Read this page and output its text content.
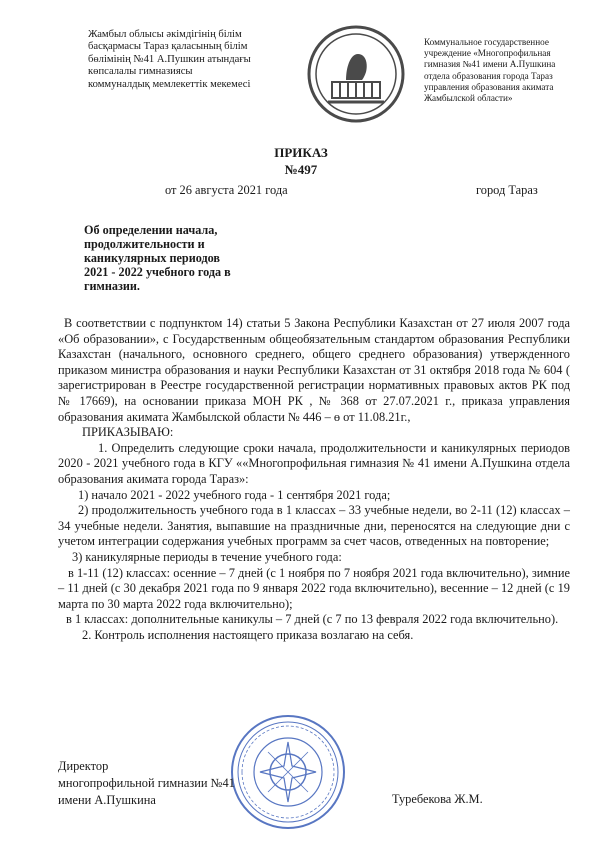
Жамбыл облысы әкімдігінің білім
басқармасы Тараз қаласының білім
бөлімінің №41 А.Пушкин атындағы
көпсалалы гимназиясы
коммуналдық мемлекеттік мекемесі
Коммунальное государственное
учреждение «Многопрофильная
гимназия №41 имени А.Пушкина
отдела образования города Тараз
управления образования акимата
Жамбылской области»
ПРИКАЗ
№497
от 26 августа 2021 года	город Тараз
Об определении начала,
продолжительности и
каникулярных периодов
2021 - 2022 учебного года в
гимназии.

В соответствии с подпунктом 14) статьи 5 Закона Республики Казахстан от 27 июля 2007 года «Об образовании», с Государственным общеобязательным стандартом образования Республики Казахстан (начального, основного среднего, общего среднего образования) утвержденного приказом министра образования и науки Республики Казахстан от 31 октября 2018 года № 604 ( зарегистрирован в Реестре государственной регистрации нормативных правовых актов РК под № 17669), на основании приказа МОН РК , № 368 от 27.07.2021 г., приказа управления образования акимата Жамбылской области № 446 – ө от 11.08.21г.,

ПРИКАЗЫВАЮ:

1. Определить следующие сроки начала, продолжительности и каникулярных периодов 2020 - 2021 учебного года в КГУ ««Многопрофильная гимназия № 41 имени А.Пушкина отдела образования акимата города Тараз»:

1) начало 2021 - 2022 учебного года - 1 сентября 2021 года;

2) продолжительность учебного года в 1 классах – 33 учебные недели, во 2-11 (12) классах – 34 учебные недели. Занятия, выпавшие на праздничные дни, переносятся на следующие дни с учетом интеграции содержания учебных программ за счет часов, отведенных на повторение;

3) каникулярные периоды в течение учебного года:

в 1-11 (12) классах: осенние – 7 дней (с 1 ноября по 7 ноября 2021 года включительно), зимние – 11 дней (с 30 декабря 2021 года по 9 января 2022 года включительно), весенние – 12 дней (с 19 марта по 30 марта 2022 года включительно);

в 1 классах: дополнительные каникулы – 7 дней (с 7 по 13 февраля 2022 года включительно).

2. Контроль исполнения настоящего приказа возлагаю на себя.

Директор
многопрофильной гимназии №41
имени А.Пушкина	Туребекова Ж.М.
